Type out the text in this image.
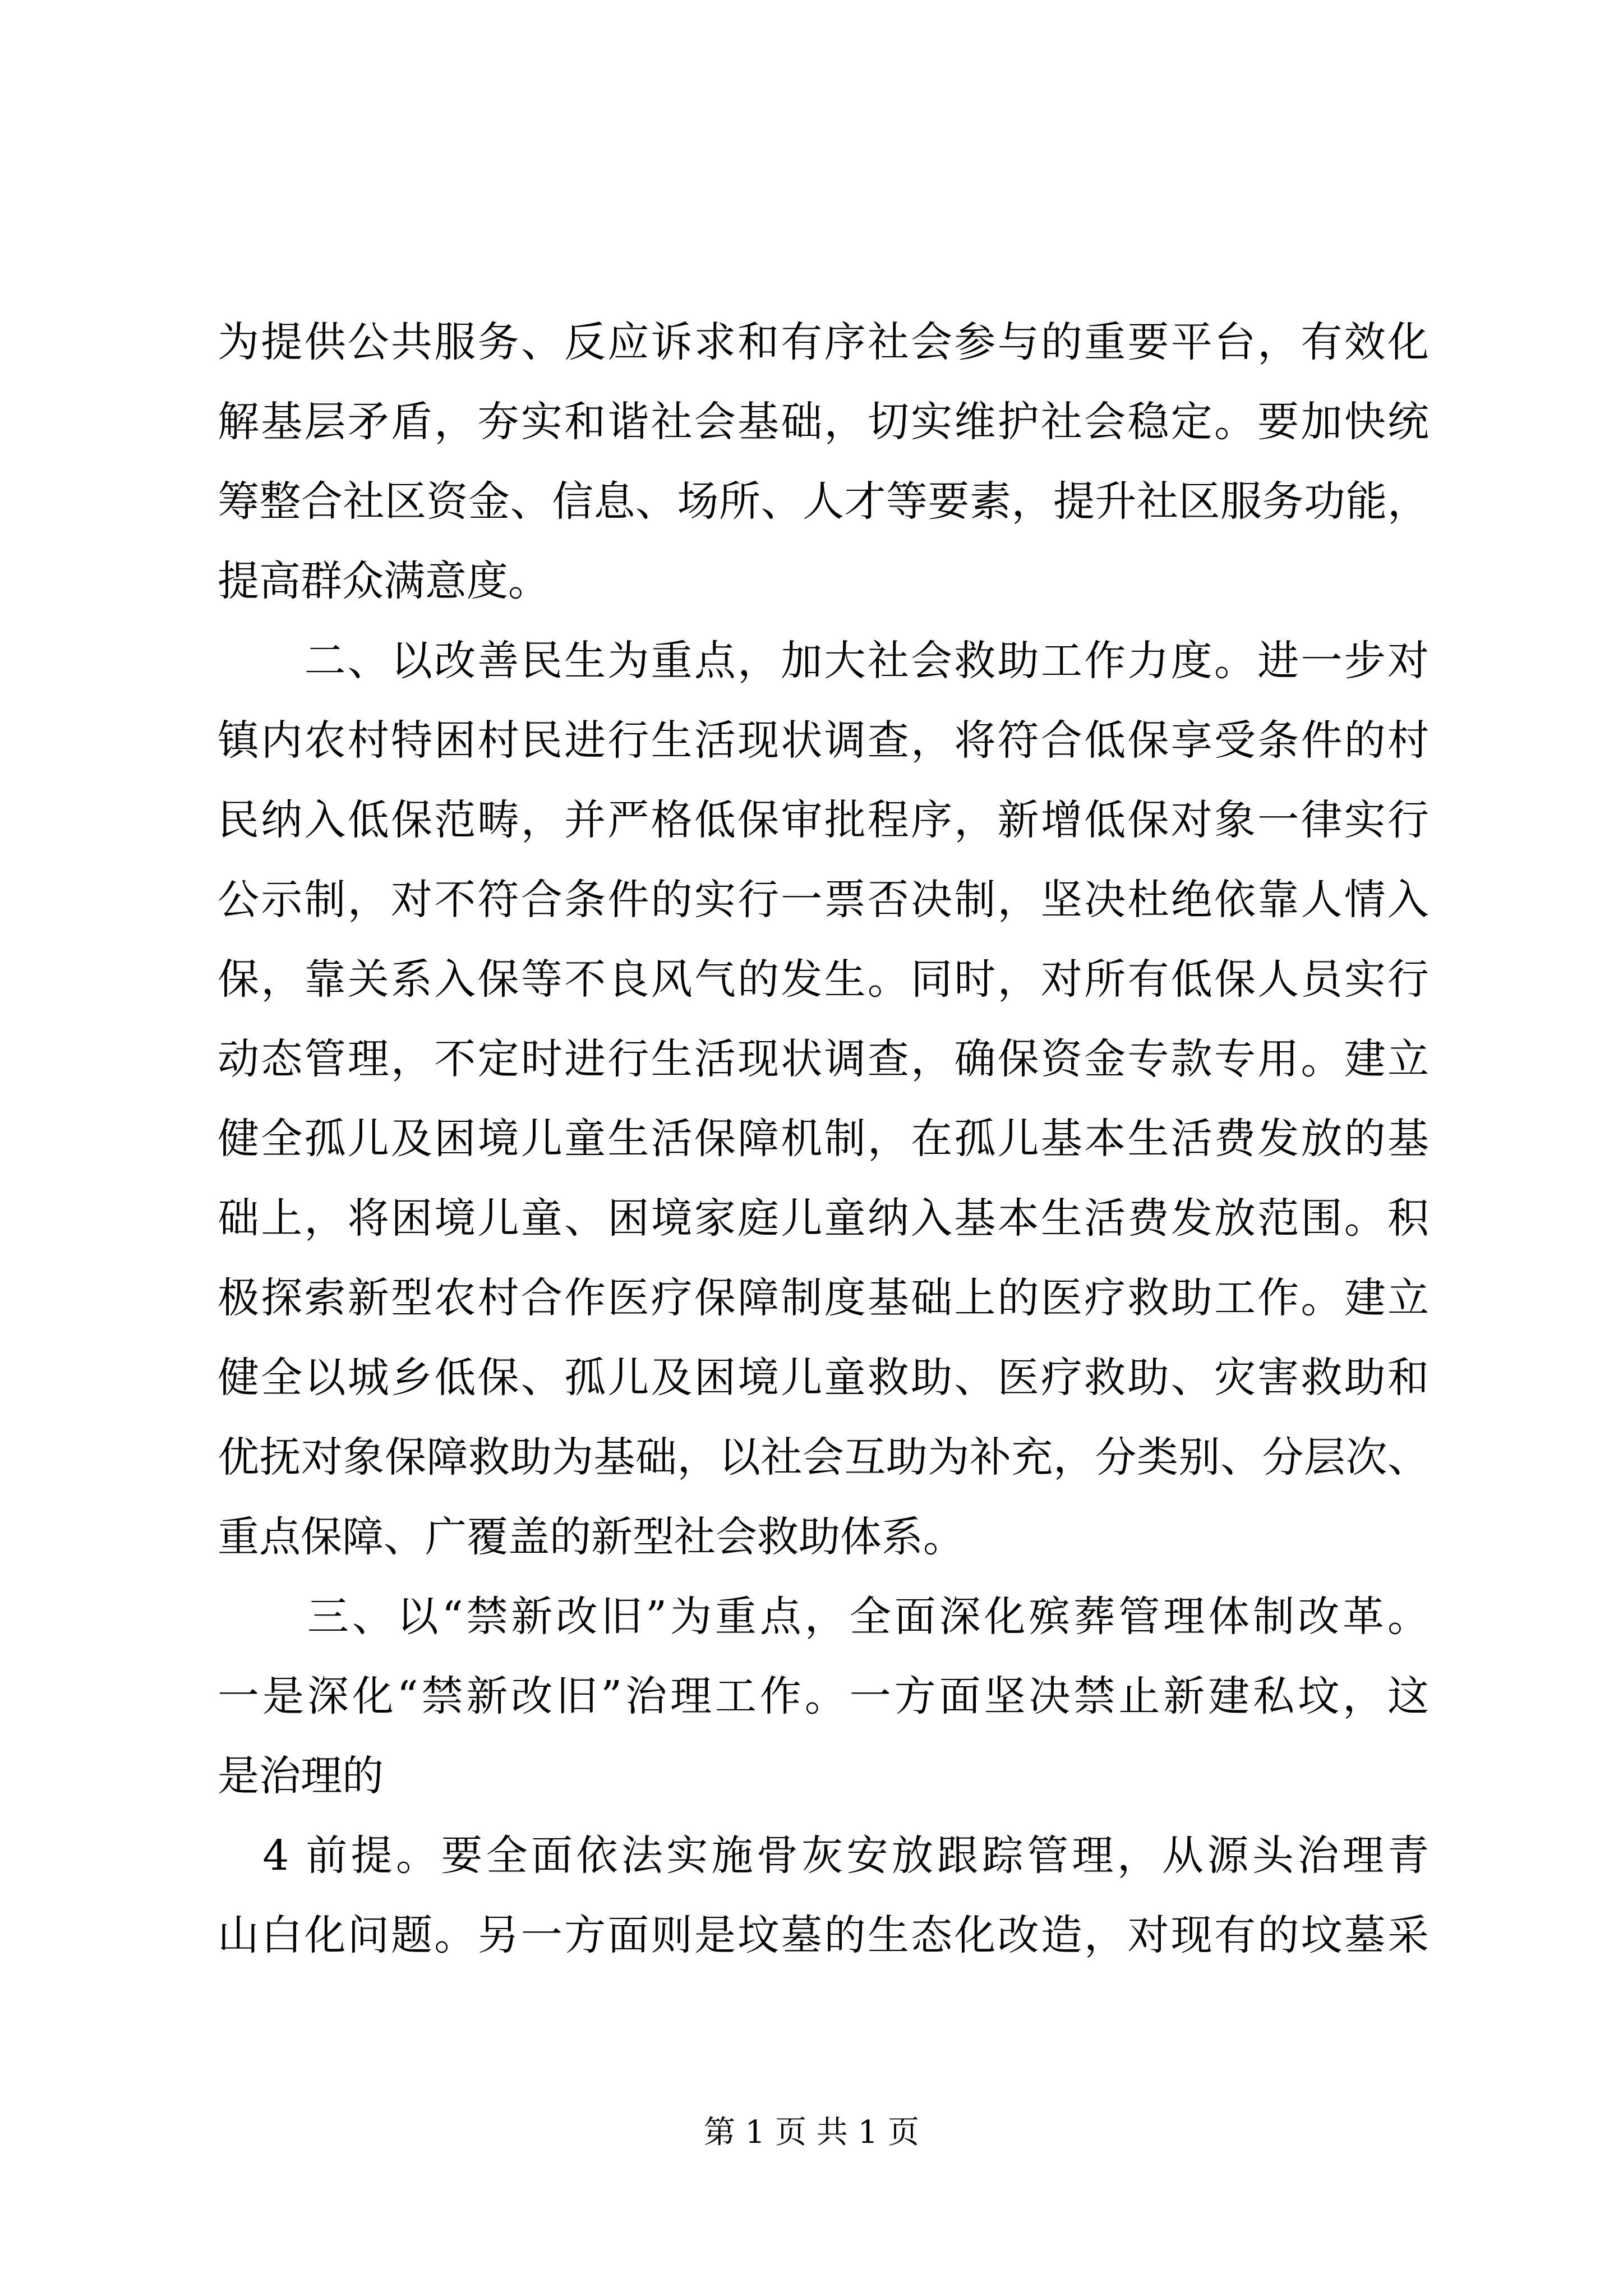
为提供公共服务、反应诉求和有序社会参与的重要平台，有效化
解基层矛盾，夯实和谐社会基础，切实维护社会稳定。要加快统
筹整合社区资金、信息、场所、人才等要素，提升社区服务功能，
提高群众满意度。
　　二、以改善民生为重点，加大社会救助工作力度。进一步对
镇内农村特困村民进行生活现状调查，将符合低保享受条件的村
民纳入低保范畴，并严格低保审批程序，新增低保对象一律实行
公示制，对不符合条件的实行一票否决制，坚决杜绝依靠人情入
保，靠关系入保等不良风气的发生。同时，对所有低保人员实行
动态管理，不定时进行生活现状调查，确保资金专款专用。建立
健全孤儿及困境儿童生活保障机制，在孤儿基本生活费发放的基
础上，将困境儿童、困境家庭儿童纳入基本生活费发放范围。积
极探索新型农村合作医疗保障制度基础上的医疗救助工作。建立
健全以城乡低保、孤儿及困境儿童救助、医疗救助、灾害救助和
优抚对象保障救助为基础，以社会互助为补充，分类别、分层次、
重点保障、广覆盖的新型社会救助体系。
　　三、以“禁新改旧”为重点，全面深化殡葬管理体制改革。
一是深化“禁新改旧”治理工作。一方面坚决禁止新建私坟，这
是治理的
　4 前提。要全面依法实施骨灰安放跟踪管理，从源头治理青
山白化问题。另一方面则是坟墓的生态化改造，对现有的坟墓采
第 1 页 共 1 页
